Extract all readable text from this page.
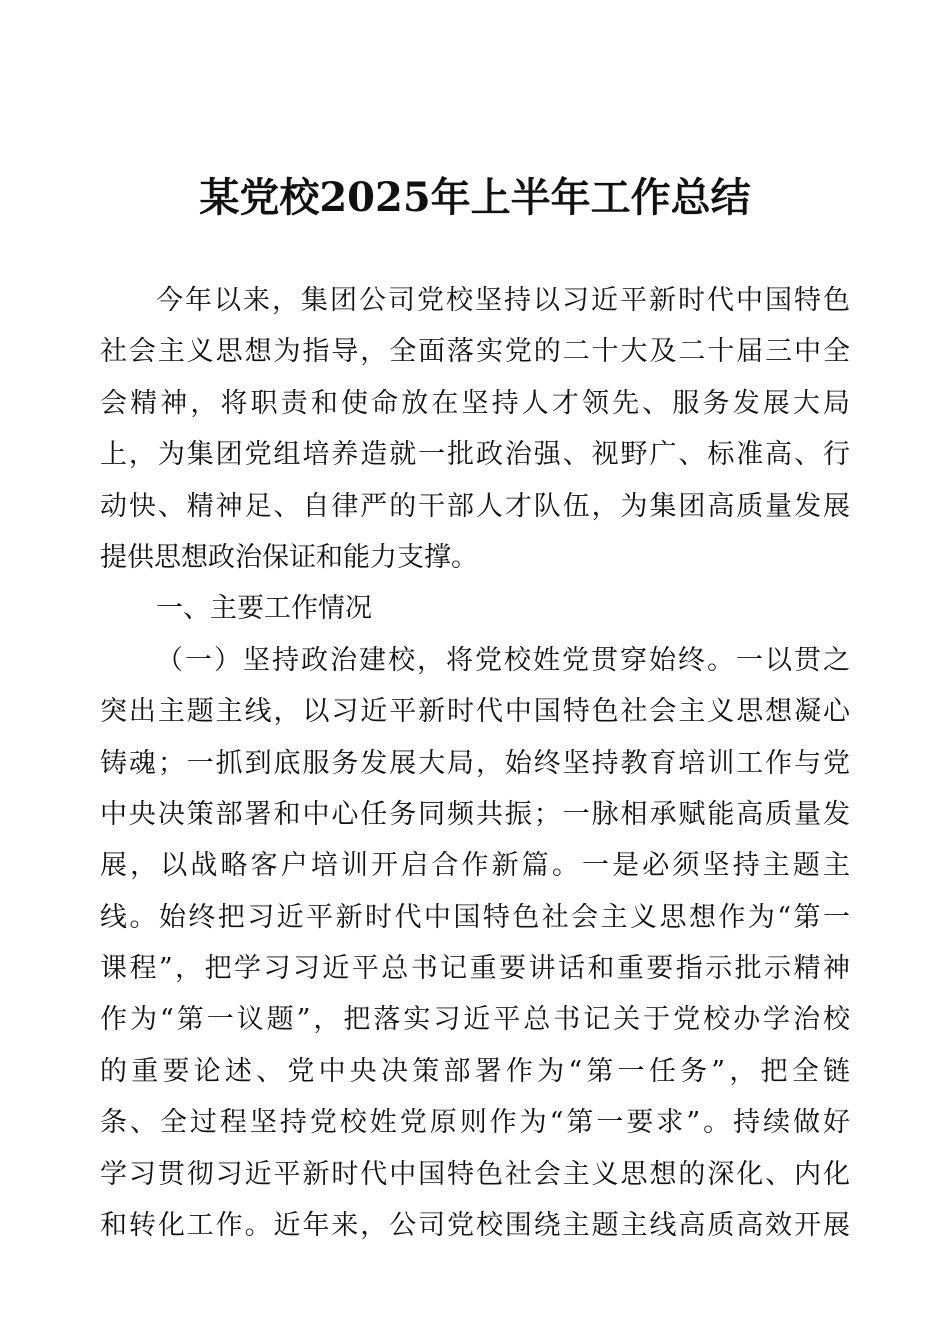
某党校2025年上半年工作总结
今年以来，集团公司党校坚持以习近平新时代中国特色
社会主义思想为指导，全面落实党的二十大及二十届三中全
会精神，将职责和使命放在坚持人才领先、服务发展大局
上，为集团党组培养造就一批政治强、视野广、标准高、行
动快、精神足、自律严的干部人才队伍，为集团高质量发展
提供思想政治保证和能力支撑。
一、主要工作情况
（一）坚持政治建校，将党校姓党贯穿始终。一以贯之
突出主题主线，以习近平新时代中国特色社会主义思想凝心
铸魂；一抓到底服务发展大局，始终坚持教育培训工作与党
中央决策部署和中心任务同频共振；一脉相承赋能高质量发
展，以战略客户培训开启合作新篇。一是必须坚持主题主
线。始终把习近平新时代中国特色社会主义思想作为“第一
课程”，把学习习近平总书记重要讲话和重要指示批示精神
作为“第一议题”，把落实习近平总书记关于党校办学治校
的重要论述、党中央决策部署作为“第一任务”，把全链
条、全过程坚持党校姓党原则作为“第一要求”。持续做好
学习贯彻习近平新时代中国特色社会主义思想的深化、内化
和转化工作。近年来，公司党校围绕主题主线高质高效开展
